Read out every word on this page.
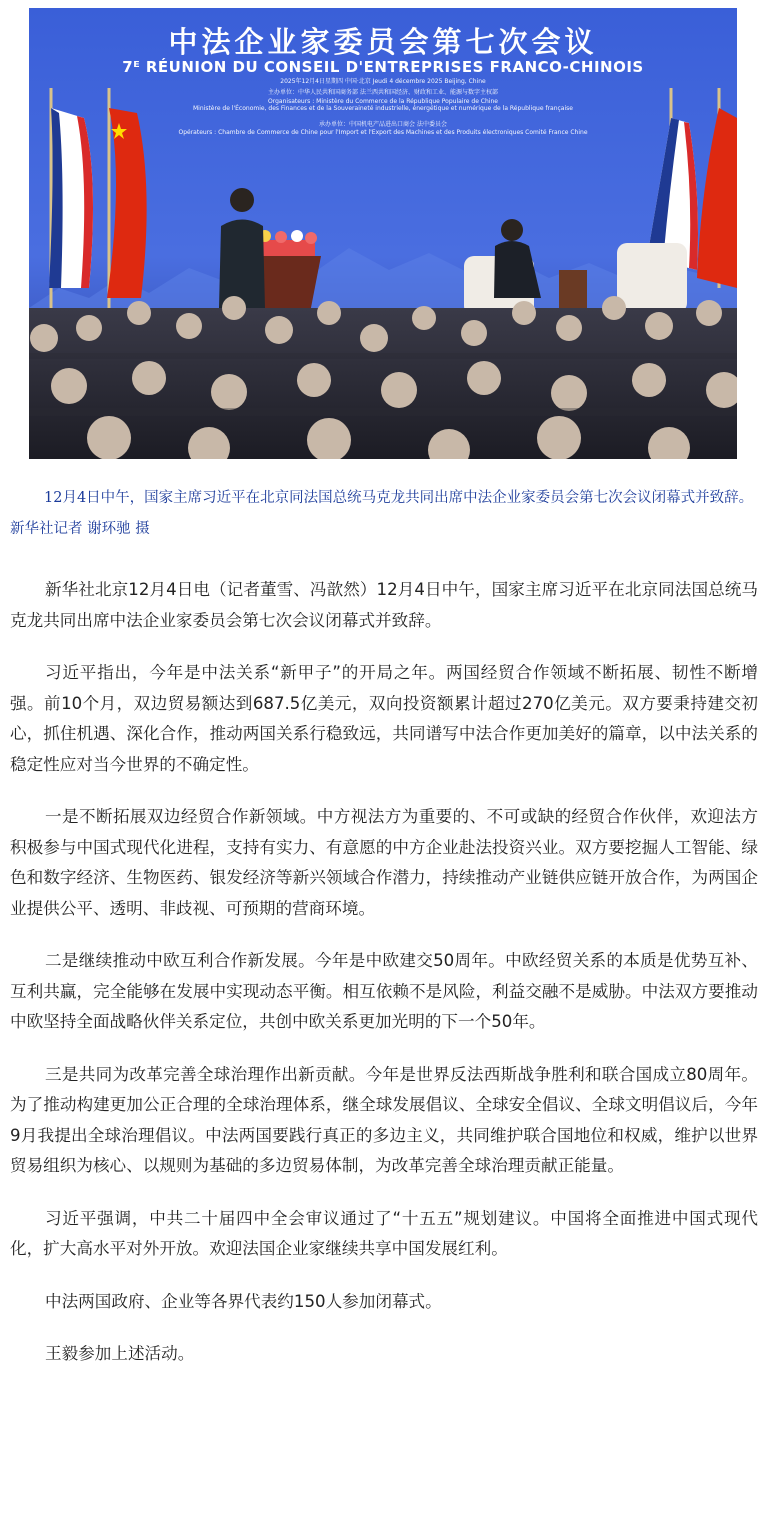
中法企业家委员会第七次会议
7ᴱ RÉUNION DU CONSEIL D'ENTREPRISES FRANCO-CHINOIS
2025年12月4日星期四 中国·北京 Jeudi 4 décembre 2025 Beijing, Chine
主办单位：中华人民共和国商务部 法兰西共和国经济、财政和工业、能源与数字主权部
Organisateurs : Ministère du Commerce de la République Populaire de Chine
Ministère de l'Économie, des Finances et de la Souveraineté industrielle, énergétique et numérique de la République française
承办单位：中国机电产品进出口商会 法中委员会
Opérateurs : Chambre de Commerce de Chine pour l'Import et l'Export des Machines et des Produits électroniques Comité France Chine
12月4日中午，国家主席习近平在北京同法国总统马克龙共同出席中法企业家委员会第七次会议闭幕式并致辞。新华社记者 谢环驰 摄

新华社北京12月4日电（记者董雪、冯歆然）12月4日中午，国家主席习近平在北京同法国总统马克龙共同出席中法企业家委员会第七次会议闭幕式并致辞。

习近平指出，今年是中法关系“新甲子”的开局之年。两国经贸合作领域不断拓展、韧性不断增强。前10个月，双边贸易额达到687.5亿美元，双向投资额累计超过270亿美元。双方要秉持建交初心，抓住机遇、深化合作，推动两国关系行稳致远，共同谱写中法合作更加美好的篇章，以中法关系的稳定性应对当今世界的不确定性。

一是不断拓展双边经贸合作新领域。中方视法方为重要的、不可或缺的经贸合作伙伴，欢迎法方积极参与中国式现代化进程，支持有实力、有意愿的中方企业赴法投资兴业。双方要挖掘人工智能、绿色和数字经济、生物医药、银发经济等新兴领域合作潜力，持续推动产业链供应链开放合作，为两国企业提供公平、透明、非歧视、可预期的营商环境。

二是继续推动中欧互利合作新发展。今年是中欧建交50周年。中欧经贸关系的本质是优势互补、互利共赢，完全能够在发展中实现动态平衡。相互依赖不是风险，利益交融不是威胁。中法双方要推动中欧坚持全面战略伙伴关系定位，共创中欧关系更加光明的下一个50年。

三是共同为改革完善全球治理作出新贡献。今年是世界反法西斯战争胜利和联合国成立80周年。为了推动构建更加公正合理的全球治理体系，继全球发展倡议、全球安全倡议、全球文明倡议后，今年9月我提出全球治理倡议。中法两国要践行真正的多边主义，共同维护联合国地位和权威，维护以世界贸易组织为核心、以规则为基础的多边贸易体制，为改革完善全球治理贡献正能量。

习近平强调，中共二十届四中全会审议通过了“十五五”规划建议。中国将全面推进中国式现代化，扩大高水平对外开放。欢迎法国企业家继续共享中国发展红利。

中法两国政府、企业等各界代表约150人参加闭幕式。

王毅参加上述活动。
